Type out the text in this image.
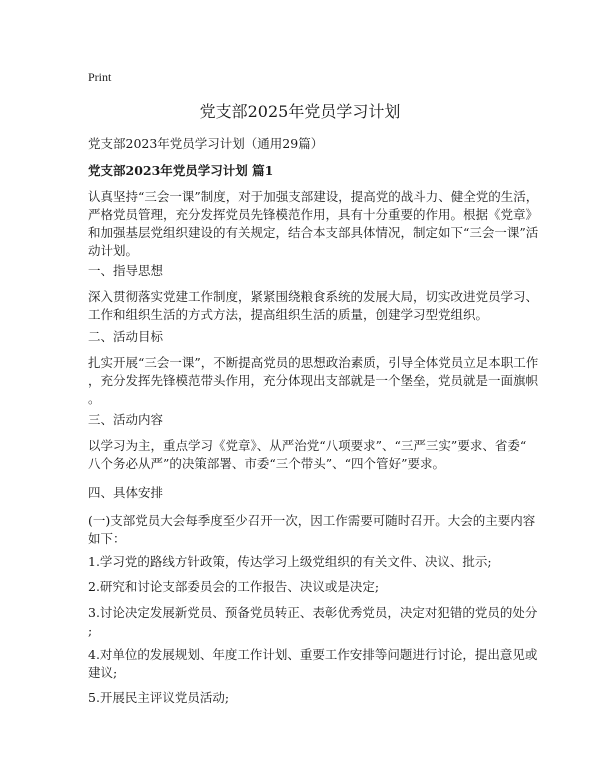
Print
党支部2025年党员学习计划

党支部2023年党员学习计划（通用29篇）

党支部2023年党员学习计划 篇1

认真坚持“三会一课”制度，对于加强支部建设，提高党的战斗力、健全党的生活，
严格党员管理，充分发挥党员先锋模范作用，具有十分重要的作用。根据《党章》
和加强基层党组织建设的有关规定，结合本支部具体情况，制定如下“三会一课”活
动计划。
一、指导思想
深入贯彻落实党建工作制度，紧紧围绕粮食系统的发展大局，切实改进党员学习、
工作和组织生活的方式方法，提高组织生活的质量，创建学习型党组织。
二、活动目标
扎实开展“三会一课”，不断提高党员的思想政治素质，引导全体党员立足本职工作
，充分发挥先锋模范带头作用，充分体现出支部就是一个堡垒，党员就是一面旗帜
。
三、活动内容
以学习为主，重点学习《党章》、从严治党“八项要求”、“三严三实”要求、省委“
八个务必从严”的决策部署、市委“三个带头”、“四个管好”要求。
四、具体安排
(一)支部党员大会每季度至少召开一次，因工作需要可随时召开。大会的主要内容
如下：
1.学习党的路线方针政策，传达学习上级党组织的有关文件、决议、批示;
2.研究和讨论支部委员会的工作报告、决议或是决定;
3.讨论决定发展新党员、预备党员转正、表彰优秀党员，决定对犯错的党员的处分
;
4.对单位的发展规划、年度工作计划、重要工作安排等问题进行讨论，提出意见或
建议;
5.开展民主评议党员活动;
